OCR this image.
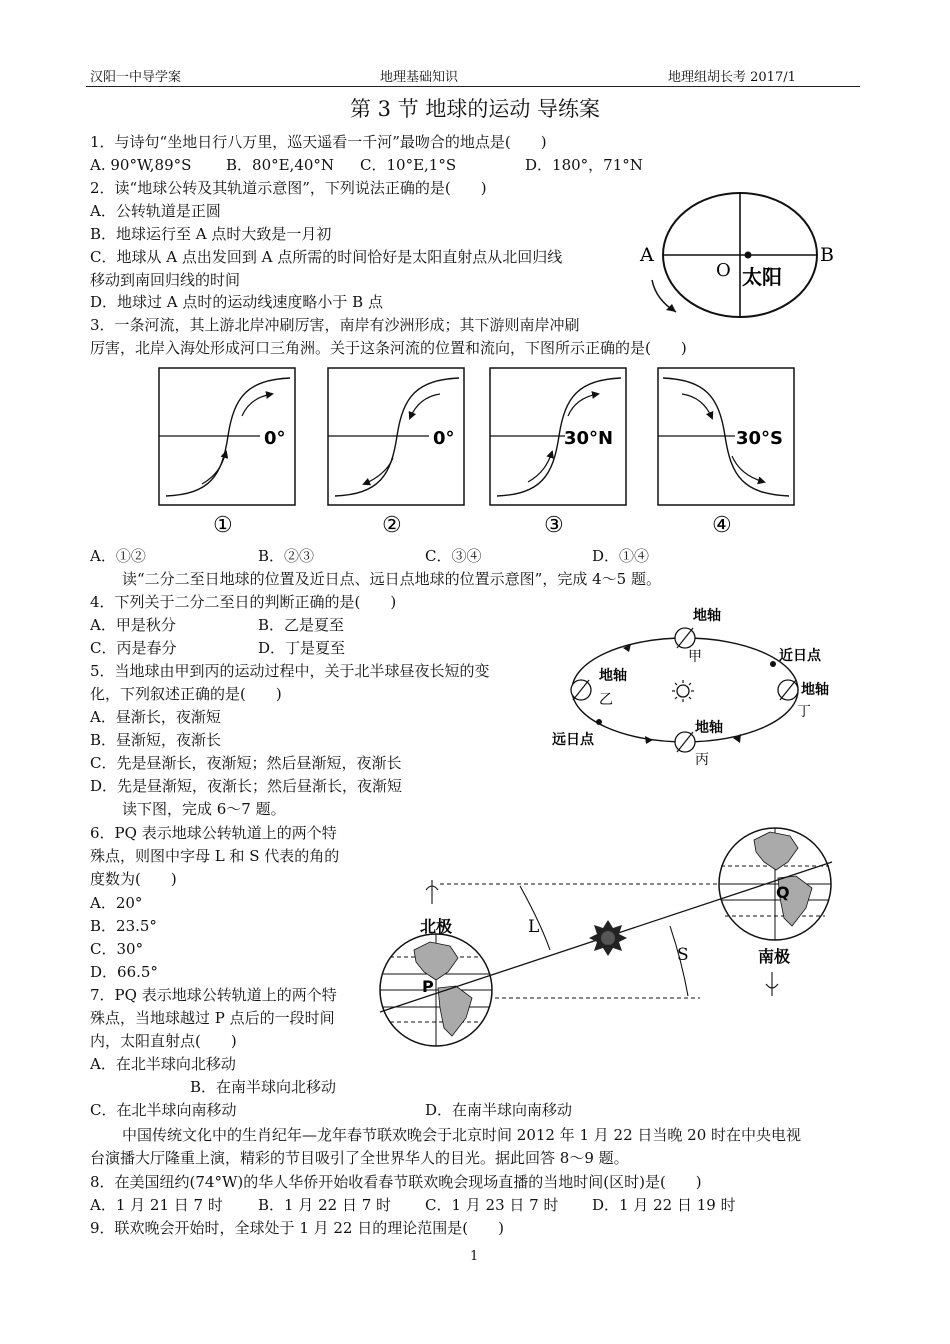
汉阳一中导学案	地理基础知识	地理组胡长考 2017/1
第 3 节 地球的运动 导练案
1．与诗句“坐地日行八万里，巡天遥看一千河”最吻合的地点是(　　)
A. 90°W,89°S B．80°E,40°N C．10°E,1°S	D．180°，71°N
2．读“地球公转及其轨道示意图”，下列说法正确的是(　　)
A．公转轨道是正圆
B．地球运行至 A 点时大致是一月初
C．地球从 A 点出发回到 A 点所需的时间恰好是太阳直射点从北回归线
移动到南回归线的时间
D．地球过 A 点时的运动线速度略小于 B 点
A	B
O 太阳
3．一条河流，其上游北岸冲刷厉害，南岸有沙洲形成；其下游则南岸冲刷
厉害，北岸入海处形成河口三角洲。关于这条河流的位置和流向，下图所示正确的是(　　)
0°
①
0°
②
30°N
③
30°S
④
A．①②	B．②③	C．③④	D．①④
读“二分二至日地球的位置及近日点、远日点地球的位置示意图”，完成 4～5 题。
4．下列关于二分二至日的判断正确的是(　　)
A．甲是秋分	B．乙是夏至
C．丙是春分	D．丁是夏至
5．当地球由甲到丙的运动过程中，关于北半球昼夜长短的变
化，下列叙述正确的是(　　)
A．昼渐长，夜渐短
B．昼渐短，夜渐长
C．先是昼渐长，夜渐短；然后昼渐短，夜渐长
D．先是昼渐短，夜渐长；然后昼渐长，夜渐短
地轴
甲
地轴
乙
地轴
丙
地轴
丁
近日点
远日点
读下图，完成 6～7 题。
6．PQ 表示地球公转轨道上的两个特
殊点，则图中字母 L 和 S 代表的角的
度数为(　　)
A．20°
B．23.5°
C．30°
D．66.5°
7．PQ 表示地球公转轨道上的两个特
殊点，当地球越过 P 点后的一段时间
内，太阳直射点(　　)
A．在北半球向北移动
B．在南半球向北移动
C．在北半球向南移动	D．在南半球向南移动
北极
南极
P
Q
L
S
中国传统文化中的生肖纪年—龙年春节联欢晚会于北京时间 2012 年 1 月 22 日当晚 20 时在中央电视
台演播大厅隆重上演，精彩的节目吸引了全世界华人的目光。据此回答 8～9 题。
8．在美国纽约(74°W)的华人华侨开始收看春节联欢晚会现场直播的当地时间(区时)是(　　)
A．1 月 21 日 7 时 B．1 月 22 日 7 时 C．1 月 23 日 7 时 D．1 月 22 日 19 时
9．联欢晚会开始时，全球处于 1 月 22 日的理论范围是(　　)
1
